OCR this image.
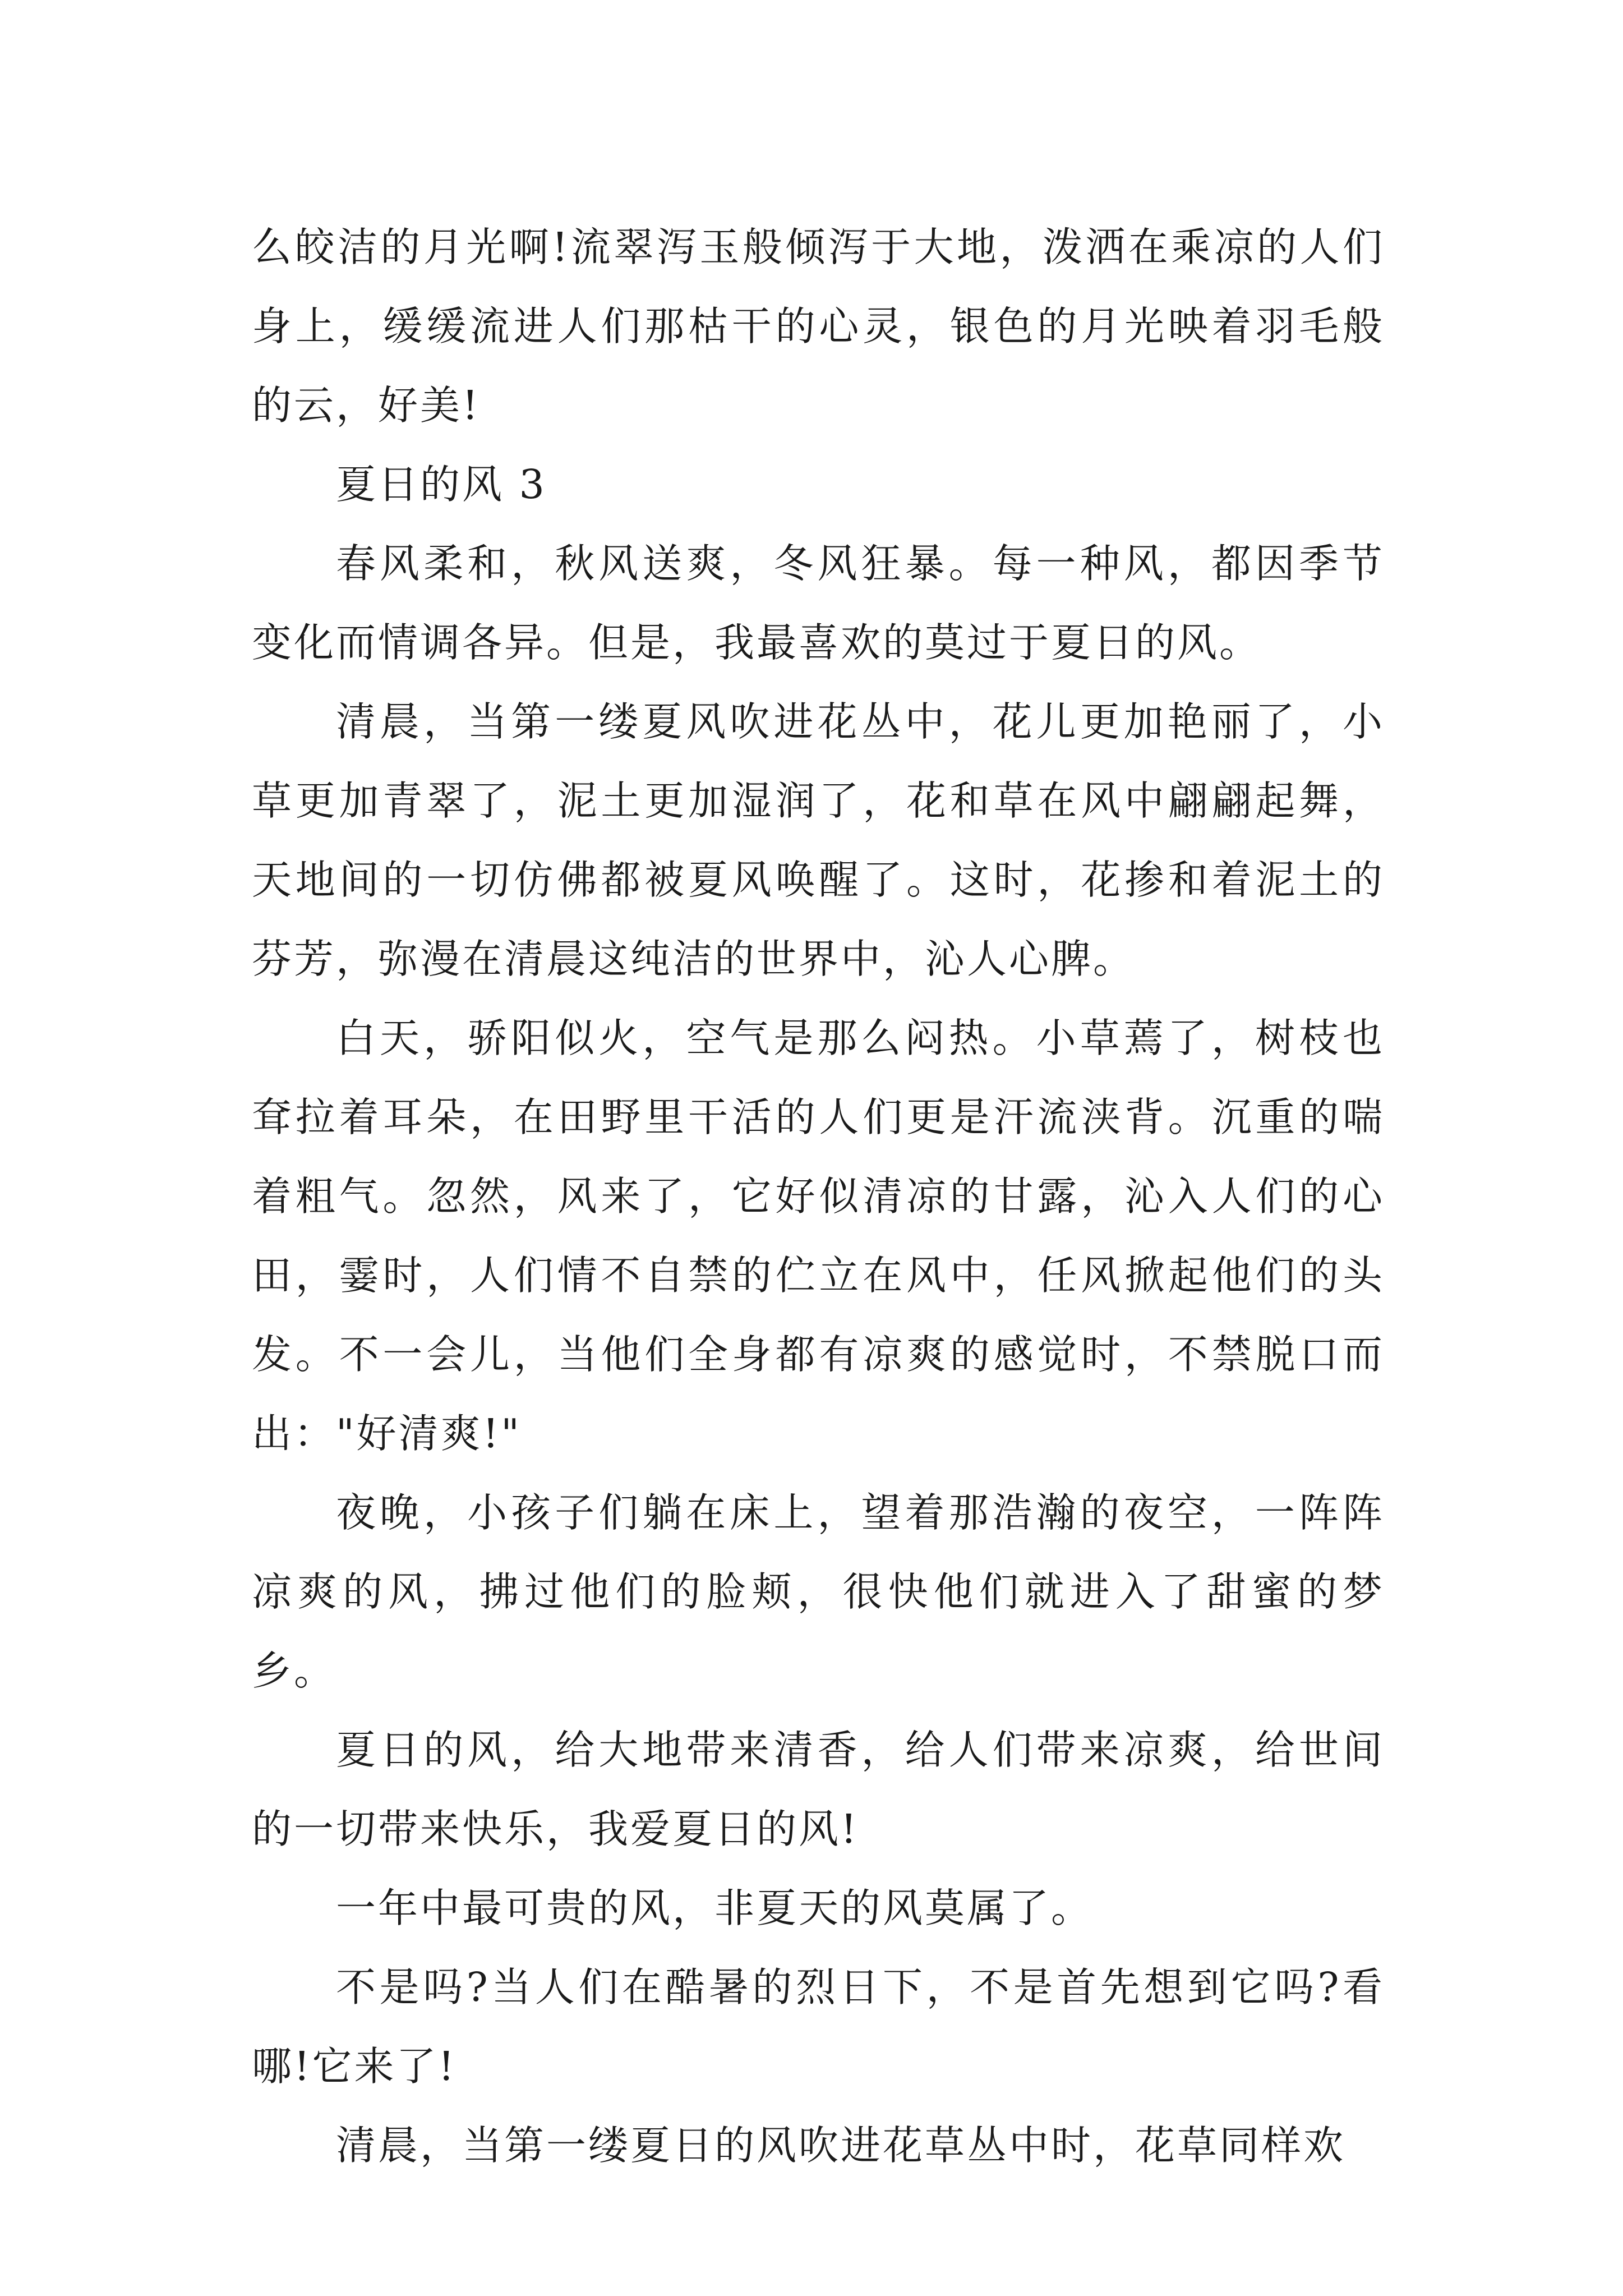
么皎洁的月光啊!流翠泻玉般倾泻于大地，泼洒在乘凉的人们身上，缓缓流进人们那枯干的心灵，银色的月光映着羽毛般的云，好美!

夏日的风 3

春风柔和，秋风送爽，冬风狂暴。每一种风，都因季节变化而情调各异。但是，我最喜欢的莫过于夏日的风。

清晨，当第一缕夏风吹进花丛中，花儿更加艳丽了，小草更加青翠了，泥土更加湿润了，花和草在风中翩翩起舞，天地间的一切仿佛都被夏风唤醒了。这时，花掺和着泥土的芬芳，弥漫在清晨这纯洁的世界中，沁人心脾。

白天，骄阳似火，空气是那么闷热。小草蔫了，树枝也耷拉着耳朵，在田野里干活的人们更是汗流浃背。沉重的喘着粗气。忽然，风来了，它好似清凉的甘露，沁入人们的心田，霎时，人们情不自禁的伫立在风中，任风掀起他们的头发。不一会儿，当他们全身都有凉爽的感觉时，不禁脱口而出："好清爽!"

夜晚，小孩子们躺在床上，望着那浩瀚的夜空，一阵阵凉爽的风，拂过他们的脸颊，很快他们就进入了甜蜜的梦乡。

夏日的风，给大地带来清香，给人们带来凉爽，给世间的一切带来快乐，我爱夏日的风!

一年中最可贵的风，非夏天的风莫属了。

不是吗?当人们在酷暑的烈日下，不是首先想到它吗?看哪!它来了!

清晨，当第一缕夏日的风吹进花草丛中时，花草同样欢
